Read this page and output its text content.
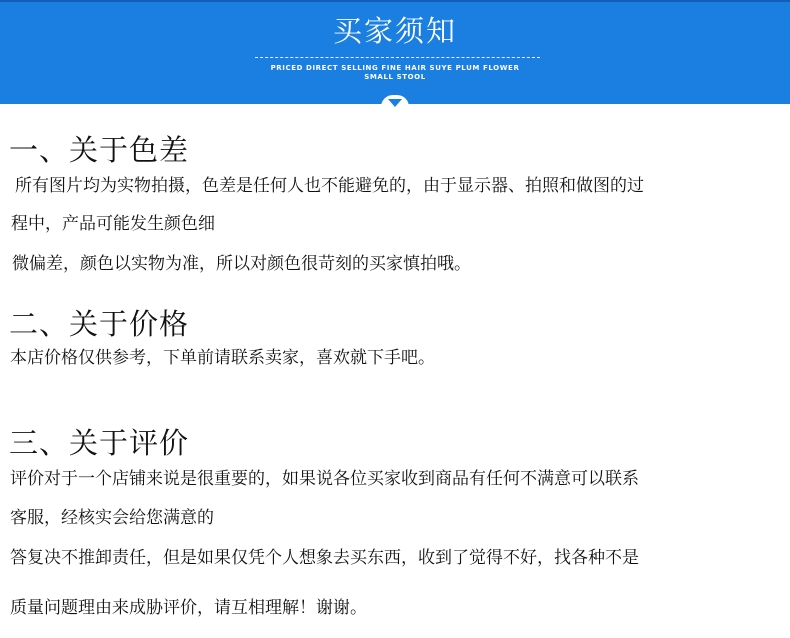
买家须知
PRICED DIRECT SELLING FINE HAIR SUYE PLUM FLOWER
SMALL STOOL
一、关于色差
所有图片均为实物拍摄，色差是任何人也不能避免的，由于显示器、拍照和做图的过
程中，产品可能发生颜色细
微偏差，颜色以实物为准，所以对颜色很苛刻的买家慎拍哦。
二、关于价格
本店价格仅供参考，下单前请联系卖家，喜欢就下手吧。
三、关于评价
评价对于一个店铺来说是很重要的，如果说各位买家收到商品有任何不满意可以联系
客服，经核实会给您满意的
答复决不推卸责任，但是如果仅凭个人想象去买东西，收到了觉得不好，找各种不是
质量问题理由来成胁评价，请互相理解！谢谢。
